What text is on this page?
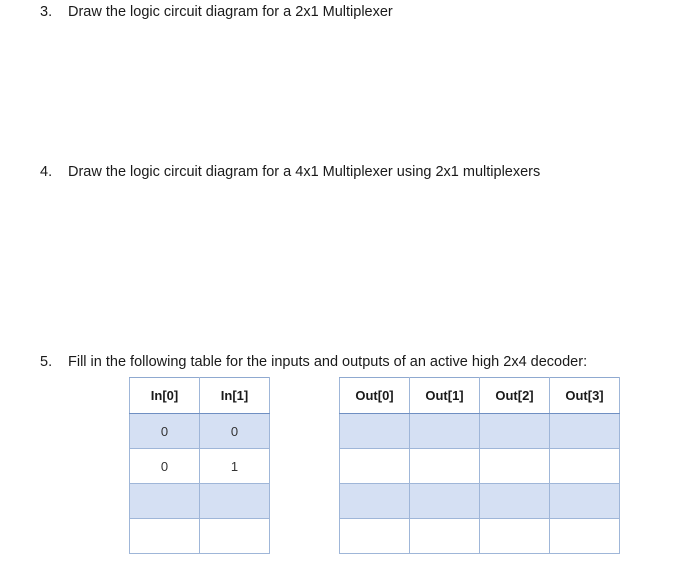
3. Draw the logic circuit diagram for a 2x1 Multiplexer
4. Draw the logic circuit diagram for a 4x1 Multiplexer using 2x1 multiplexers
5. Fill in the following table for the inputs and outputs of an active high 2x4 decoder:
In[0]	In[1]
0	0
0	1

Out[0]	Out[1]	Out[2]	Out[3]
